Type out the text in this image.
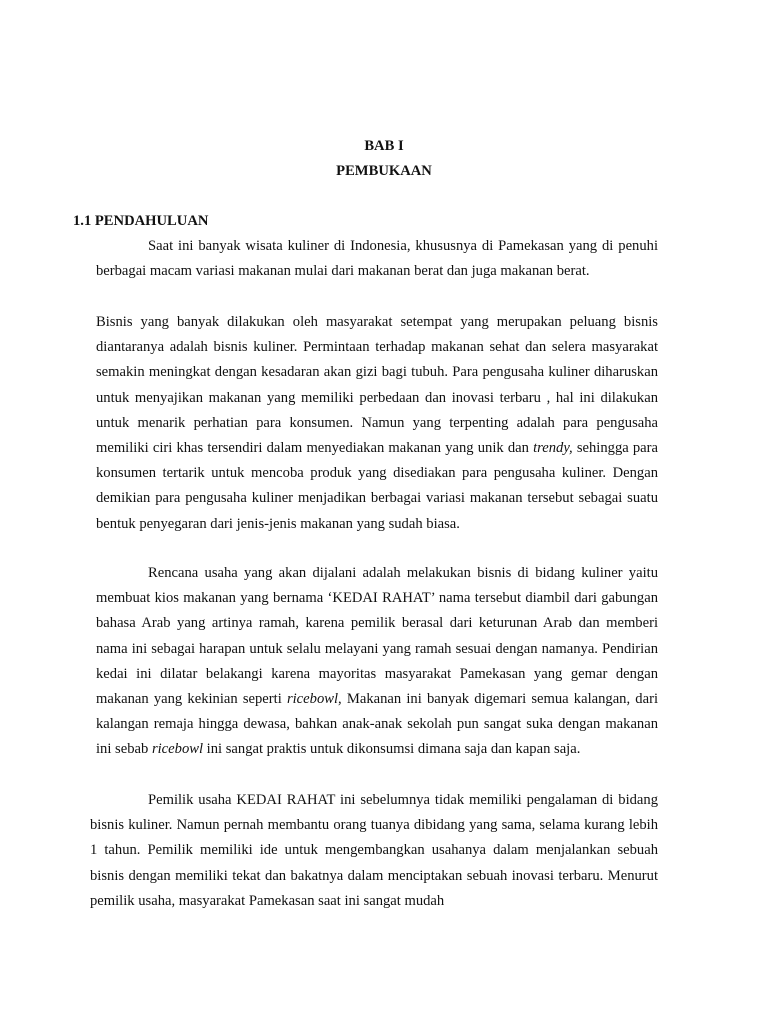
BAB I
PEMBUKAAN
1.1 PENDAHULUAN
Saat ini banyak wisata kuliner di Indonesia, khususnya di Pamekasan yang di penuhi berbagai macam variasi makanan mulai dari makanan berat dan juga makanan berat.
Bisnis yang banyak dilakukan oleh masyarakat setempat yang merupakan peluang bisnis diantaranya adalah bisnis kuliner. Permintaan terhadap makanan sehat dan selera masyarakat semakin meningkat dengan kesadaran akan gizi bagi tubuh. Para pengusaha kuliner diharuskan untuk menyajikan makanan yang memiliki perbedaan dan inovasi terbaru , hal ini dilakukan untuk menarik perhatian para konsumen. Namun yang terpenting adalah para pengusaha memiliki ciri khas tersendiri dalam menyediakan makanan yang unik dan trendy, sehingga para konsumen tertarik untuk mencoba produk yang disediakan para pengusaha kuliner. Dengan demikian para pengusaha kuliner menjadikan berbagai variasi makanan tersebut sebagai suatu bentuk penyegaran dari jenis-jenis makanan yang sudah biasa.
Rencana usaha yang akan dijalani adalah melakukan bisnis di bidang kuliner yaitu membuat kios makanan yang bernama ‘KEDAI RAHAT’ nama tersebut diambil dari gabungan bahasa Arab yang artinya ramah, karena pemilik berasal dari keturunan Arab dan memberi nama ini sebagai harapan untuk selalu melayani yang ramah sesuai dengan namanya. Pendirian kedai ini dilatar belakangi karena mayoritas masyarakat Pamekasan yang gemar dengan makanan yang kekinian seperti ricebowl, Makanan ini banyak digemari semua kalangan, dari kalangan remaja hingga dewasa, bahkan anak-anak sekolah pun sangat suka dengan makanan ini sebab ricebowl ini sangat praktis untuk dikonsumsi dimana saja dan kapan saja.
Pemilik usaha KEDAI RAHAT ini sebelumnya tidak memiliki pengalaman di bidang bisnis kuliner. Namun pernah membantu orang tuanya dibidang yang sama, selama kurang lebih 1 tahun. Pemilik memiliki ide untuk mengembangkan usahanya dalam menjalankan sebuah bisnis dengan memiliki tekat dan bakatnya dalam menciptakan sebuah inovasi terbaru. Menurut pemilik usaha, masyarakat Pamekasan saat ini sangat mudah
